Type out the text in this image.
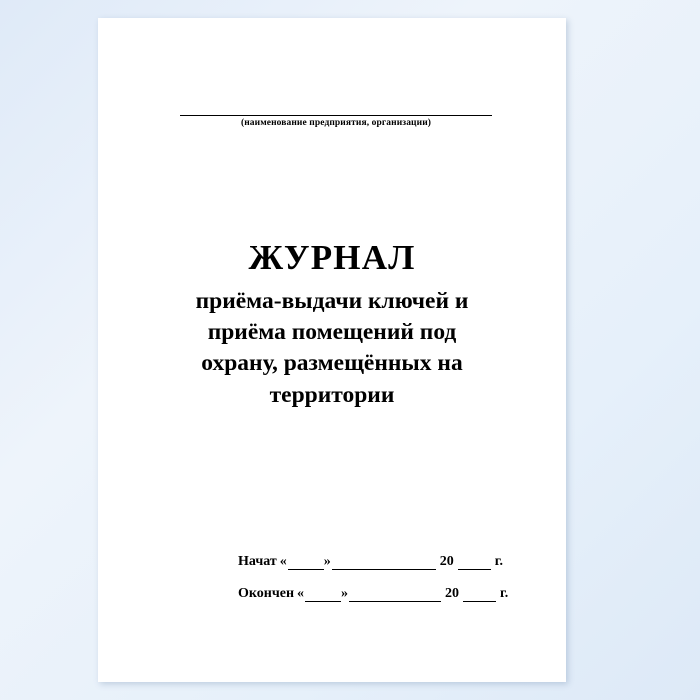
(наименование предприятия, организации)
ЖУРНАЛ
приёма-выдачи ключей и
приёма помещений под
охрану, размещённых на
территории
Начат «	»	20	г.
Окончен «	»	20	г.
